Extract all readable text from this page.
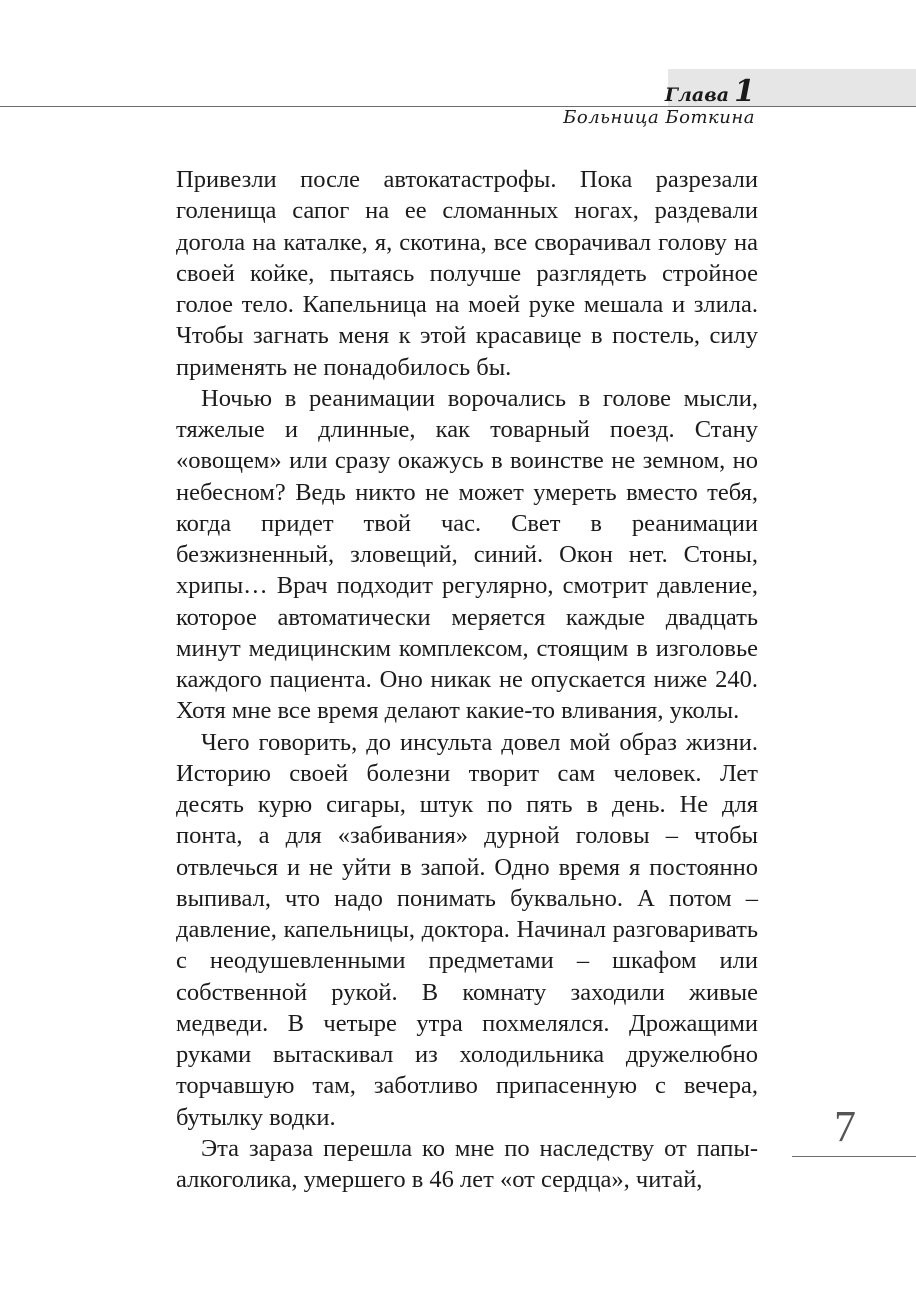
Глава 1
Больница Боткина

Привезли после автокатастрофы. Пока разрезали голенища сапог на ее сломанных ногах, раздевали догола на каталке, я, скотина, все сворачивал голову на своей койке, пытаясь получше разглядеть стройное голое тело. Капельница на моей руке мешала и злила. Чтобы загнать меня к этой красавице в постель, силу применять не понадобилось бы.

Ночью в реанимации ворочались в голове мысли, тяжелые и длинные, как товарный поезд. Стану «овощем» или сразу окажусь в воинстве не земном, но небесном? Ведь никто не может умереть вместо тебя, когда придет твой час. Свет в реанимации безжизненный, зловещий, синий. Окон нет. Стоны, хрипы… Врач подходит регулярно, смотрит давление, которое автоматически меряется каждые двадцать минут медицинским комплексом, стоящим в изголовье каждого пациента. Оно никак не опускается ниже 240. Хотя мне все время делают какие-то вливания, уколы.

Чего говорить, до инсульта довел мой образ жизни. Историю своей болезни творит сам человек. Лет десять курю сигары, штук по пять в день. Не для понта, а для «забивания» дурной головы – чтобы отвлечься и не уйти в запой. Одно время я постоянно выпивал, что надо понимать буквально. А потом – давление, капельницы, доктора. Начинал разговаривать с неодушевленными предметами – шкафом или собственной рукой. В комнату заходили живые медведи. В четыре утра похмелялся. Дрожащими руками вытаскивал из холодильника дружелюбно торчавшую там, заботливо припасенную с вечера, бутылку водки.

Эта зараза перешла ко мне по наследству от папы-алкоголика, умершего в 46 лет «от сердца», читай,

7
